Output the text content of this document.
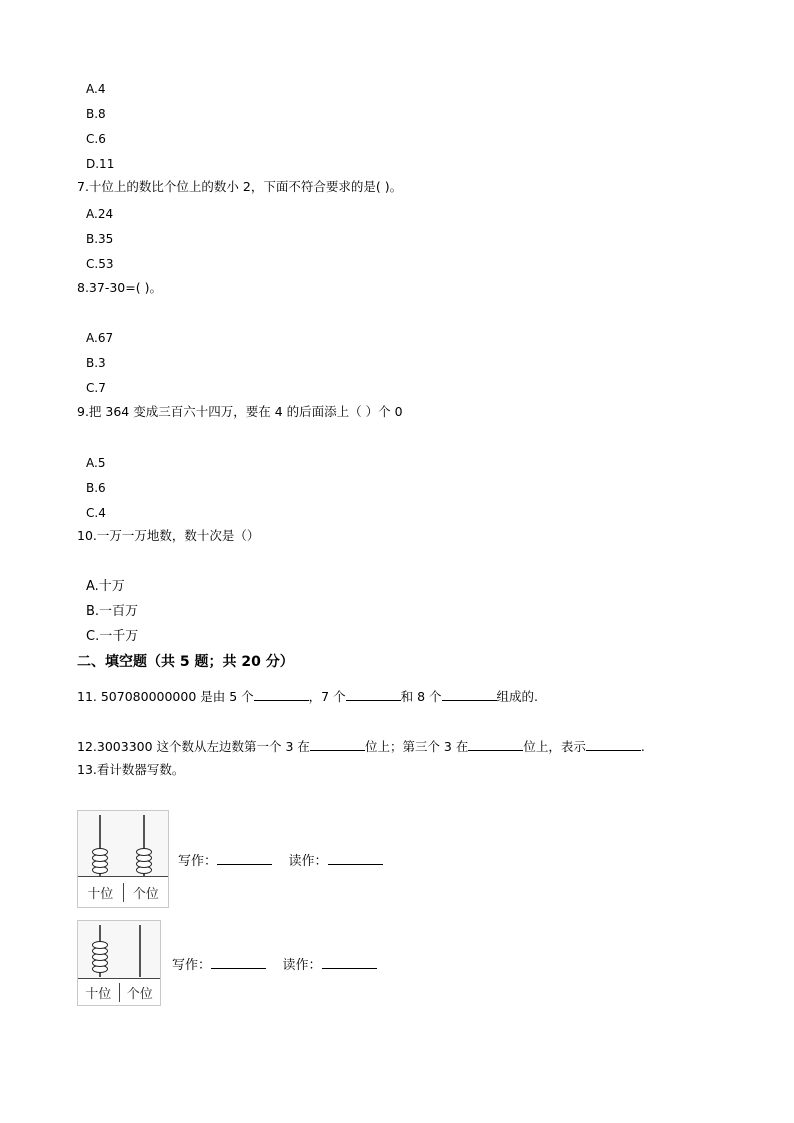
A.4
B.8
C.6
D.11
7.十位上的数比个位上的数小 2，下面不符合要求的是( )。
A.24
B.35
C.53
8.37-30=( )。
A.67
B.3
C.7
9.把 364 变成三百六十四万，要在 4 的后面添上（ ）个 0
A.5
B.6
C.4
10.一万一万地数，数十次是（）
A.十万
B.一百万
C.一千万
二、填空题（共 5 题；共 20 分）
11. 507080000000 是由 5 个	，7 个	和 8 个	组成的.
12.3003300 这个数从左边数第一个 3 在	位上；第三个 3 在	位上，表示	.
13.看计数器写数。
十位	个位
写作：	读作：
十位	个位
写作：	读作：
